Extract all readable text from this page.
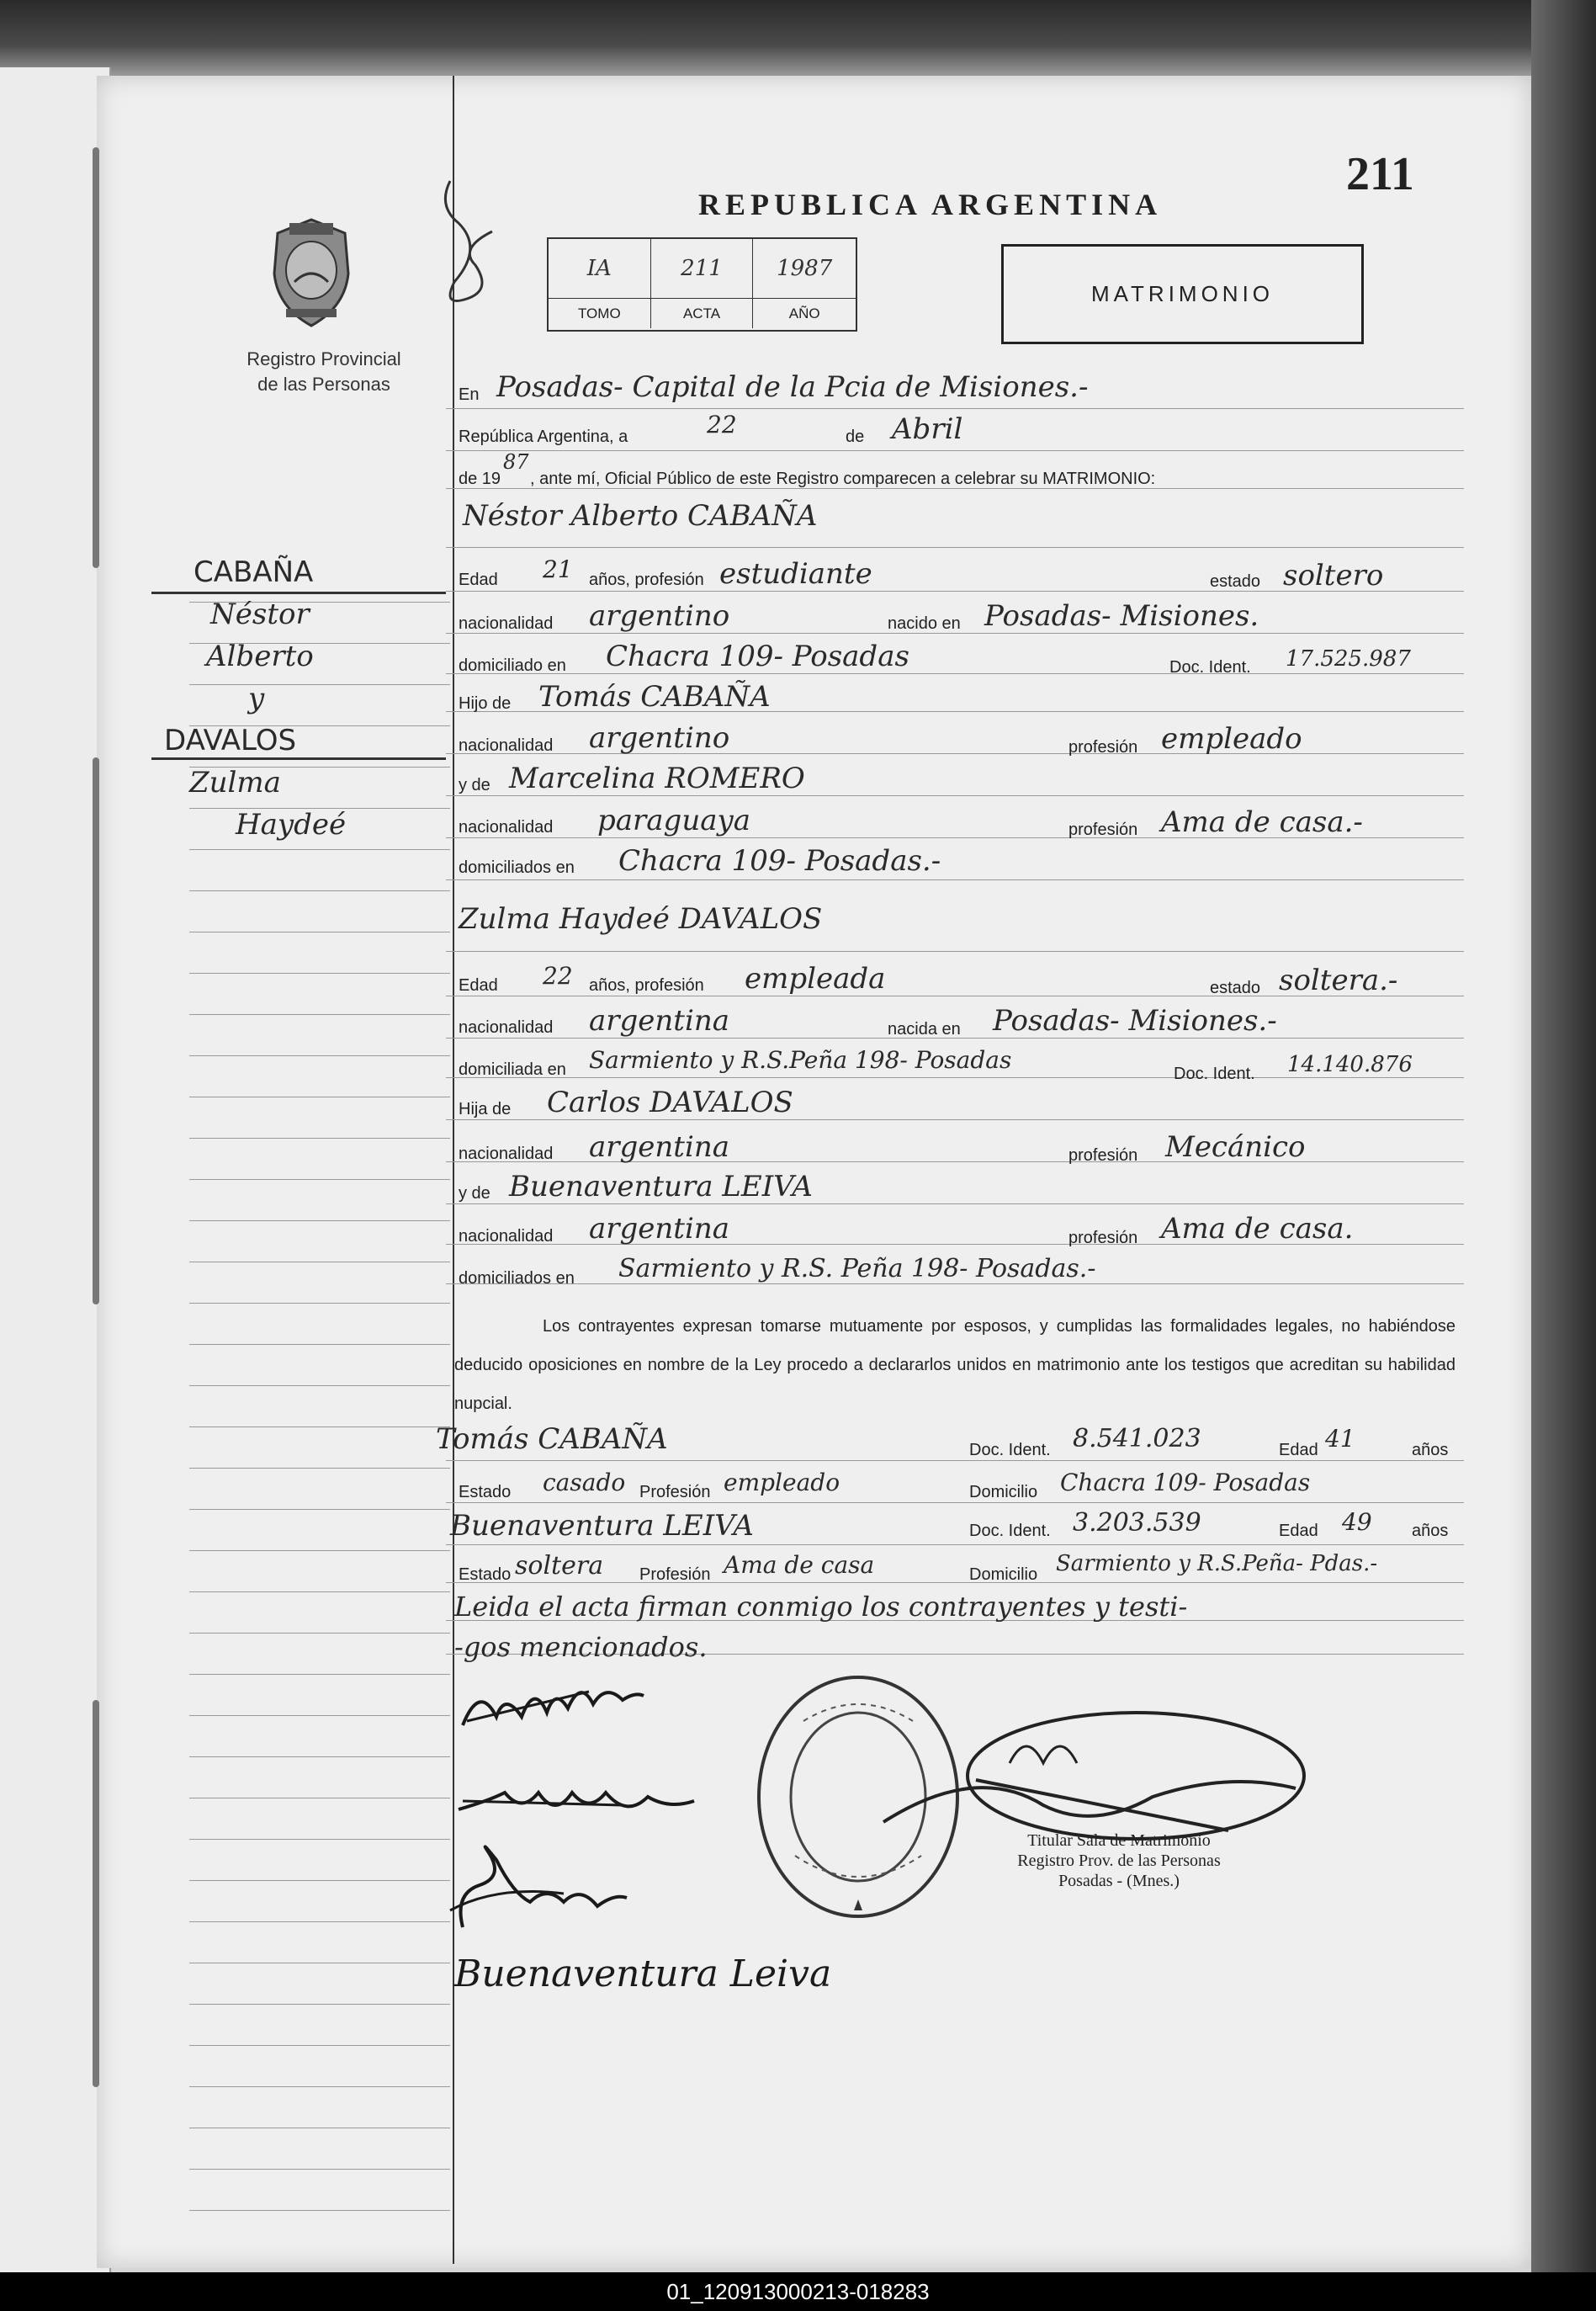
211
REPUBLICA ARGENTINA
Registro Provincial
de las Personas
IA	211	1987
TOMO	ACTA	AÑO
MATRIMONIO
CABAÑA
Néstor
Alberto
y
DAVALOS
Zulma
Haydeé
En Posadas- Capital de la Pcia de Misiones.-
República Argentina, a	22	de Abril
de 19
87
, ante mí, Oficial Público de este Registro comparecen a celebrar su MATRIMONIO:
Néstor Alberto CABAÑA
Edad 21 años, profesión estudiante	estado soltero
nacionalidad argentino	nacido en Posadas- Misiones.
domiciliado en Chacra 109- Posadas	Doc. Ident. 17.525.987
Hijo de Tomás CABAÑA
nacionalidad argentino	profesión empleado
y de Marcelina ROMERO
nacionalidad paraguaya	profesión Ama de casa.-
domiciliados en Chacra 109- Posadas.-
Zulma Haydeé DAVALOS
Edad 22 años, profesión empleada	estado soltera.-
nacionalidad argentina	nacida en Posadas- Misiones.-
domiciliada en Sarmiento y R.S.Peña 198- Posadas	Doc. Ident. 14.140.876
Hija de Carlos DAVALOS
nacionalidad argentina	profesión Mecánico
y de Buenaventura LEIVA
nacionalidad argentina	profesión Ama de casa.
domiciliados en Sarmiento y R.S. Peña 198- Posadas.-
Los contrayentes expresan tomarse mutuamente por esposos, y cumplidas las formalidades legales, no habiéndose deducido oposiciones en nombre de la Ley procedo a declararlos unidos en matrimonio ante los testigos que acreditan su habilidad nupcial.
Tomás CABAÑA	Doc. Ident. 8.541.023	Edad 41	años
Estado casado Profesión empleado	Domicilio Chacra 109- Posadas
Buenaventura LEIVA	Doc. Ident. 3.203.539	Edad 49 años
Estado soltera Profesión Ama de casa	Domicilio Sarmiento y R.S.Peña- Pdas.-
Leida el acta firman conmigo los contrayentes y testi-
-gos mencionados.
Buenaventura Leiva
Titular Sala de Matrimonio
Registro Prov. de las Personas
Posadas - (Mnes.)
01_120913000213-018283
